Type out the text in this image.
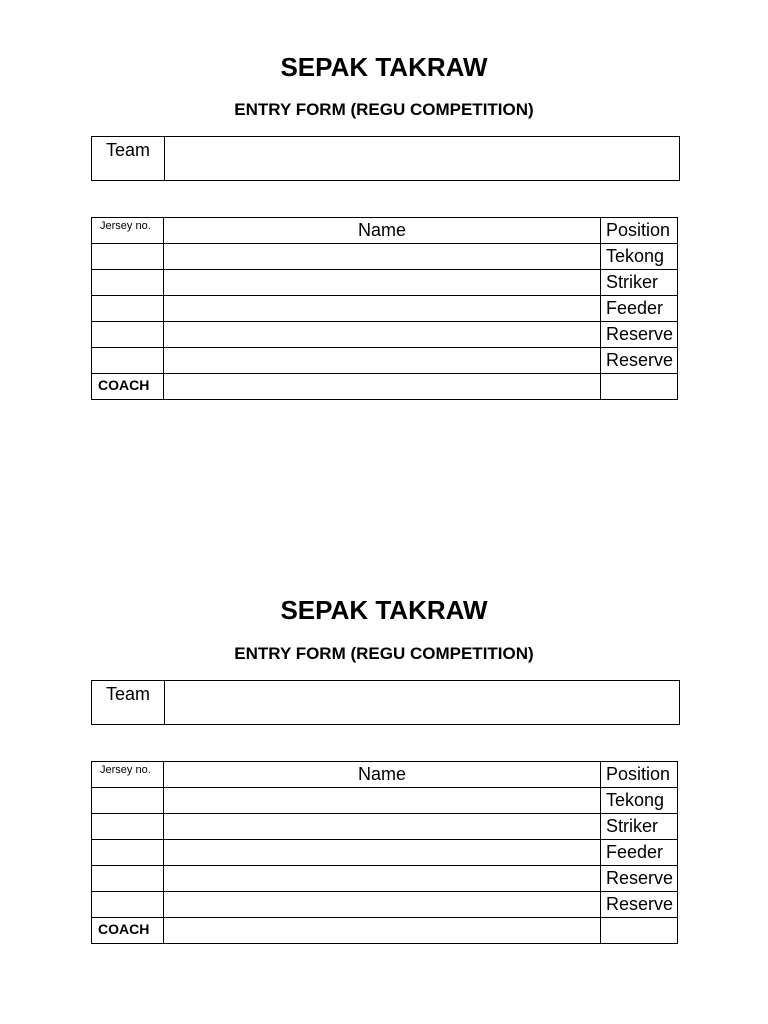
SEPAK TAKRAW
ENTRY FORM (REGU COMPETITION)
Team	
Jersey no.	Name	Position
		Tekong
		Striker
		Feeder
		Reserve
		Reserve
COACH		
SEPAK TAKRAW
ENTRY FORM (REGU COMPETITION)
Team	
Jersey no.	Name	Position
		Tekong
		Striker
		Feeder
		Reserve
		Reserve
COACH		
